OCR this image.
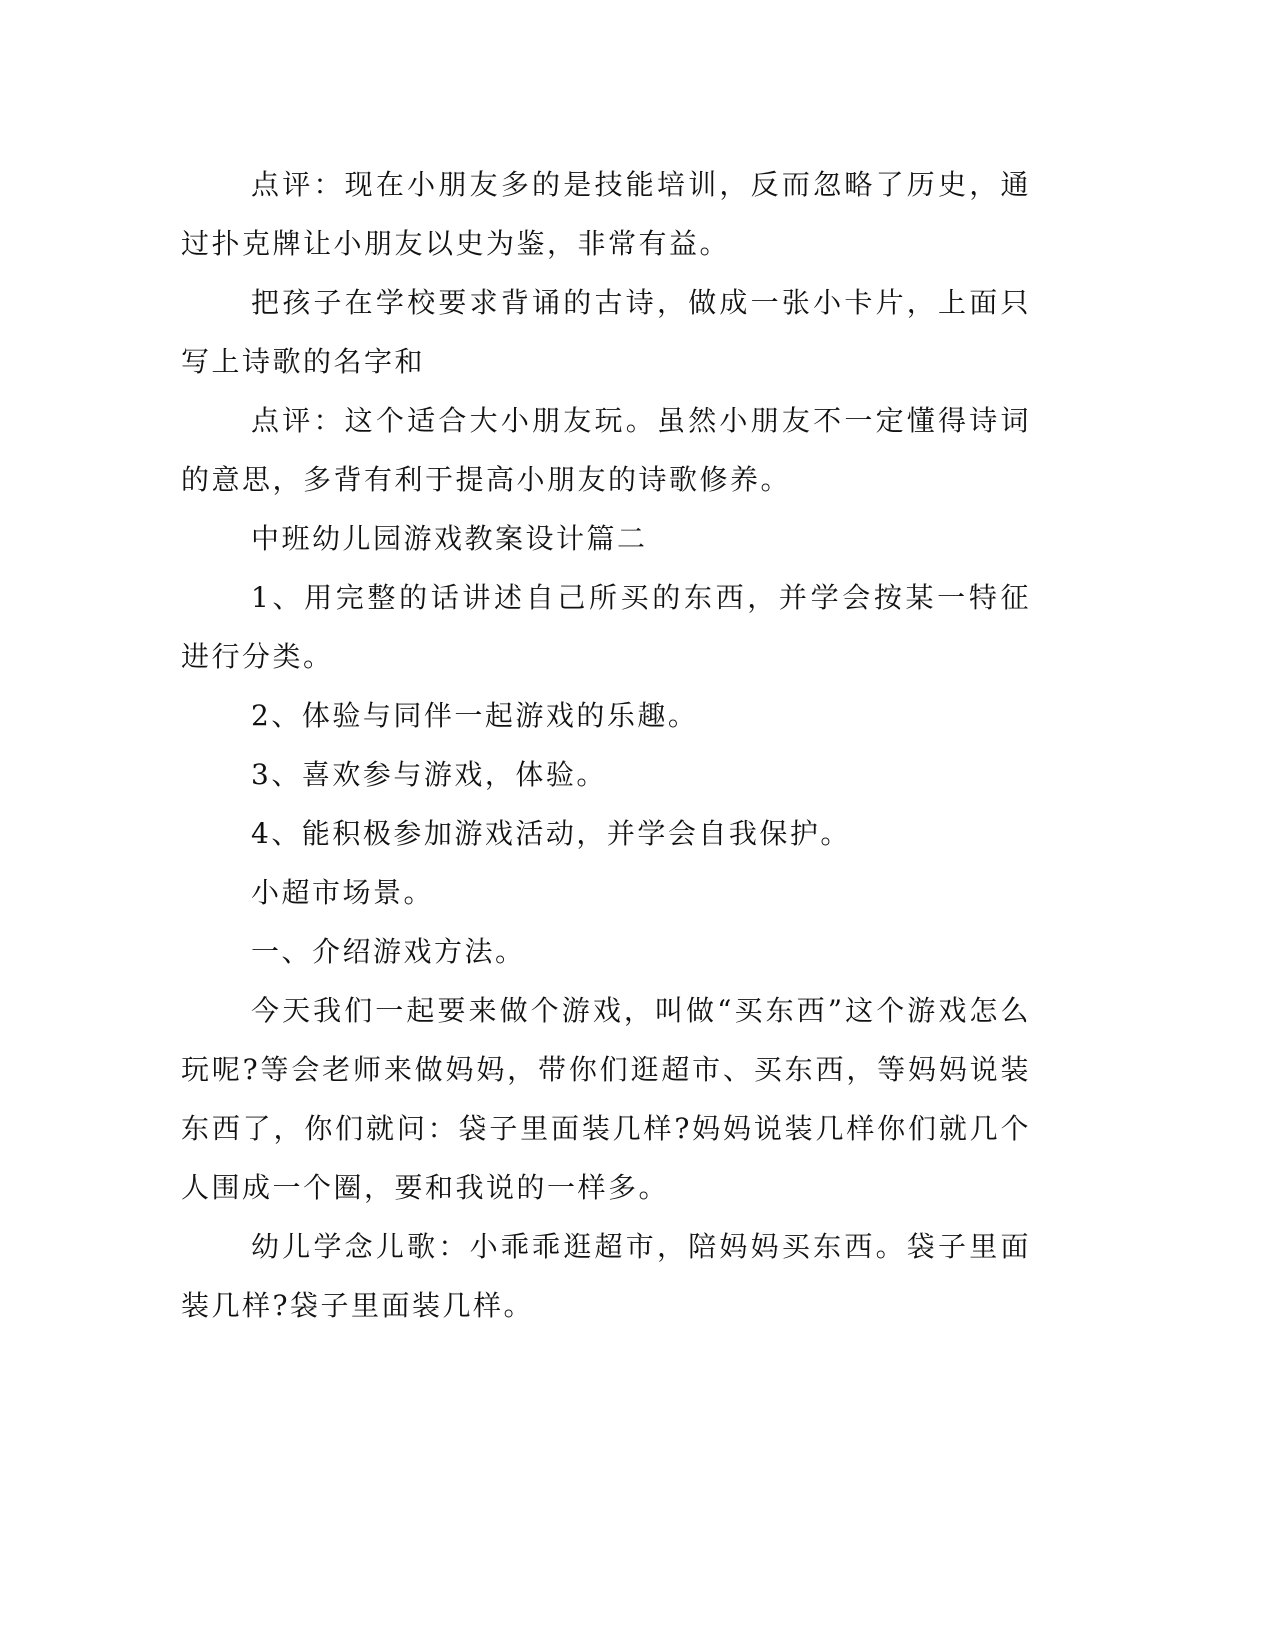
点评：现在小朋友多的是技能培训，反而忽略了历史，通过扑克牌让小朋友以史为鉴，非常有益。

把孩子在学校要求背诵的古诗，做成一张小卡片，上面只写上诗歌的名字和

点评：这个适合大小朋友玩。虽然小朋友不一定懂得诗词的意思，多背有利于提高小朋友的诗歌修养。

中班幼儿园游戏教案设计篇二

1、用完整的话讲述自己所买的东西，并学会按某一特征进行分类。

2、体验与同伴一起游戏的乐趣。

3、喜欢参与游戏，体验。

4、能积极参加游戏活动，并学会自我保护。

小超市场景。

一、介绍游戏方法。

今天我们一起要来做个游戏，叫做“买东西”这个游戏怎么玩呢?等会老师来做妈妈，带你们逛超市、买东西，等妈妈说装东西了，你们就问：袋子里面装几样?妈妈说装几样你们就几个人围成一个圈，要和我说的一样多。

幼儿学念儿歌：小乖乖逛超市，陪妈妈买东西。袋子里面装几样?袋子里面装几样。
